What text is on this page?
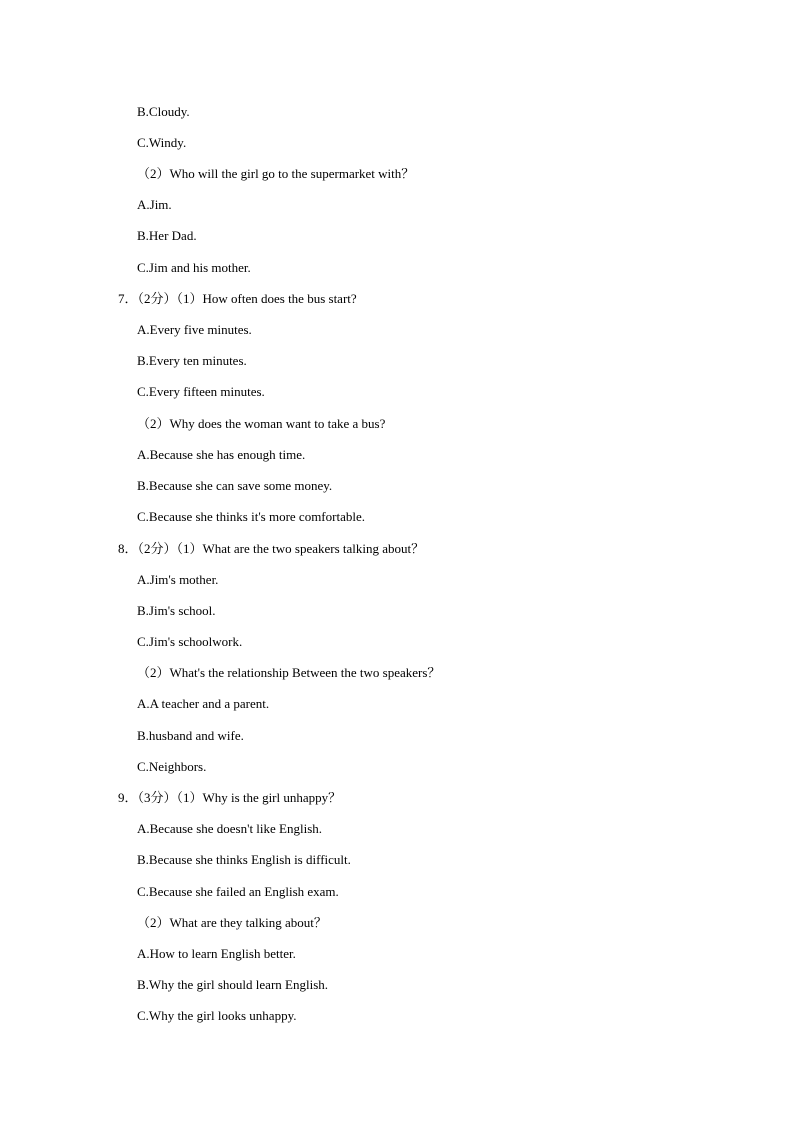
B.Cloudy.
C.Windy.
（2）Who will the girl go to the supermarket with？
A.Jim.
B.Her Dad.
C.Jim and his mother.
7．（2分）（1）How often does the bus start?
A.Every five minutes.
B.Every ten minutes.
C.Every fifteen minutes.
（2）Why does the woman want to take a bus?
A.Because she has enough time.
B.Because she can save some money.
C.Because she thinks it's more comfortable.
8．（2分）（1）What are the two speakers talking about？
A.Jim's mother.
B.Jim's school.
C.Jim's schoolwork.
（2）What's the relationship Between the two speakers？
A.A teacher and a parent.
B.husband and wife.
C.Neighbors.
9．（3分）（1）Why is the girl unhappy？
A.Because she doesn't like English.
B.Because she thinks English is difficult.
C.Because she failed an English exam.
（2）What are they talking about？
A.How to learn English better.
B.Why the girl should learn English.
C.Why the girl looks unhappy.
